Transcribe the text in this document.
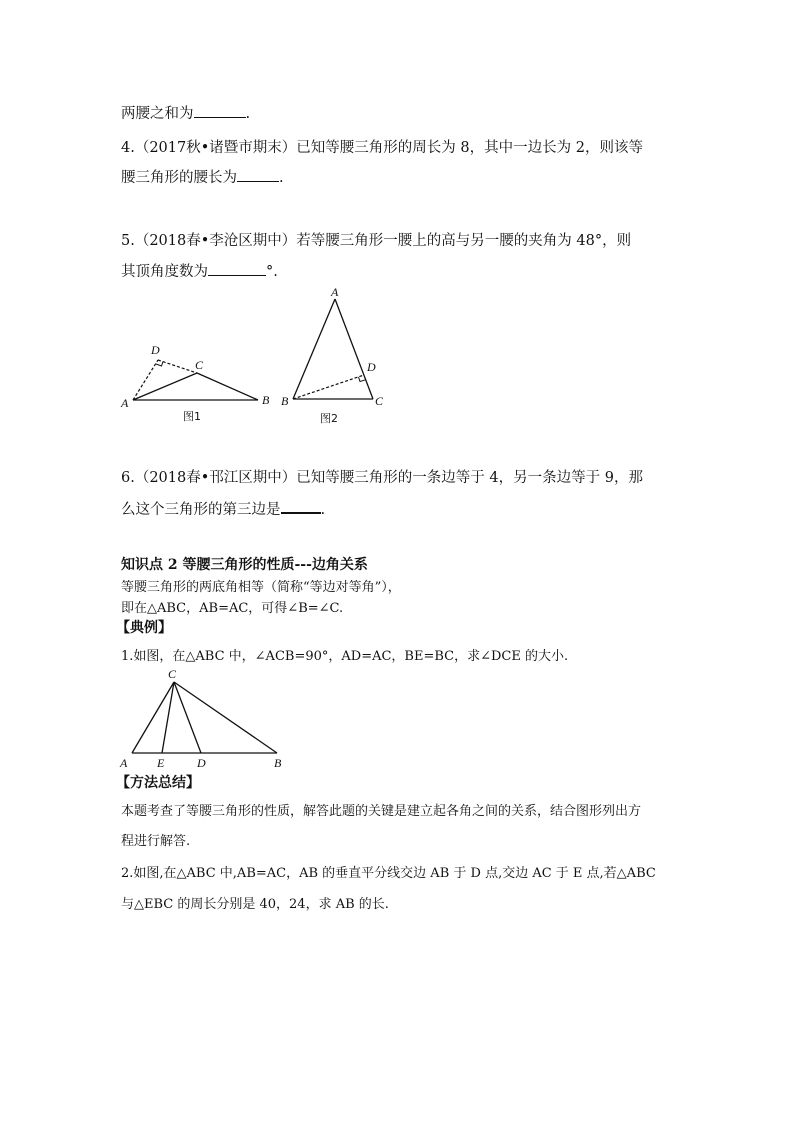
两腰之和为	.
4.（2017秋•诸暨市期末）已知等腰三角形的周长为 8，其中一边长为 2，则该等
腰三角形的腰长为	.
5.（2018春•李沧区期中）若等腰三角形一腰上的高与另一腰的夹角为 48°，则
其顶角度数为	°.
D
C
A	B
图1
A
D
B	C
图2
6.（2018春•邗江区期中）已知等腰三角形的一条边等于 4，另一条边等于 9，那
么这个三角形的第三边是	.
知识点 2 等腰三角形的性质---边角关系
等腰三角形的两底角相等（简称“等边对等角”），
即在△ABC，AB=AC，可得∠B=∠C.
【典例】
1.如图，在△ABC 中，∠ACB=90°，AD=AC，BE=BC，求∠DCE 的大小.
C
A E	D	B
【方法总结】
本题考查了等腰三角形的性质，解答此题的关键是建立起各角之间的关系，结合图形列出方
程进行解答.
2.如图,在△ABC 中,AB=AC，AB 的垂直平分线交边 AB 于 D 点,交边 AC 于 E 点,若△ABC
与△EBC 的周长分别是 40，24，求 AB 的长.
